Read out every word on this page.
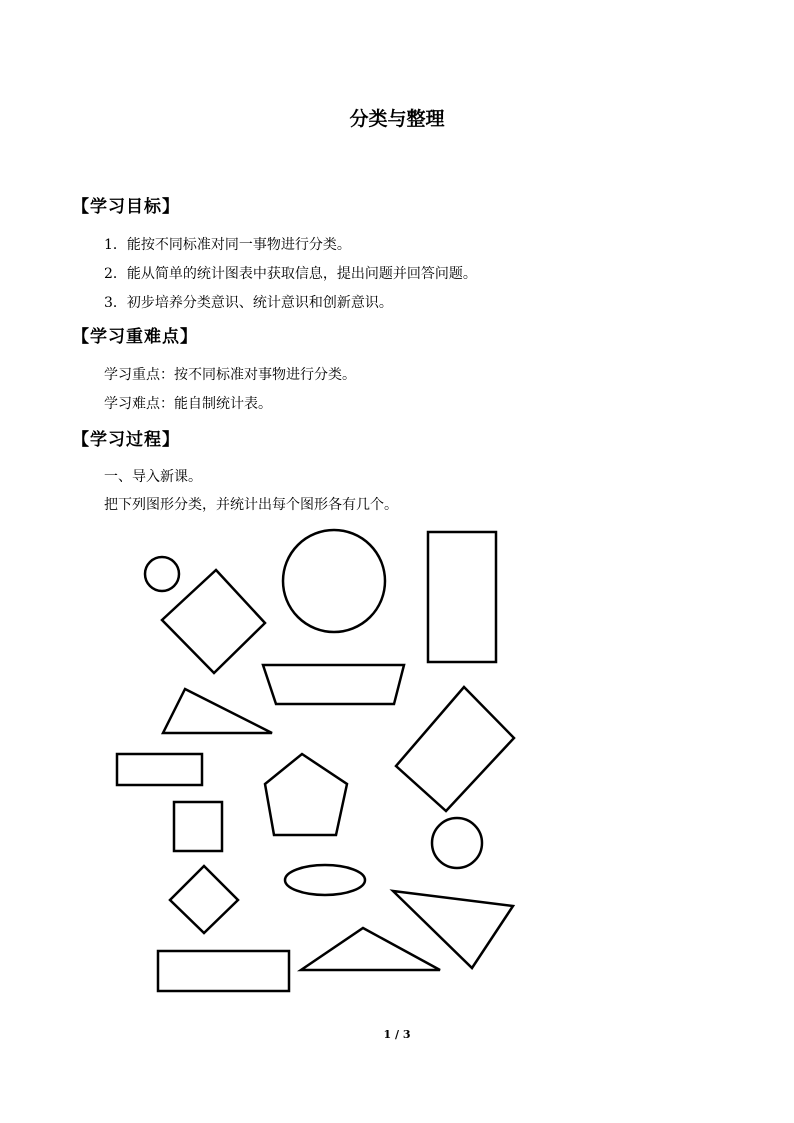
分类与整理
【学习目标】
1．能按不同标准对同一事物进行分类。
2．能从简单的统计图表中获取信息，提出问题并回答问题。
3．初步培养分类意识、统计意识和创新意识。
【学习重难点】
学习重点：按不同标准对事物进行分类。
学习难点：能自制统计表。
【学习过程】
一、导入新课。
把下列图形分类，并统计出每个图形各有几个。
1 / 3
